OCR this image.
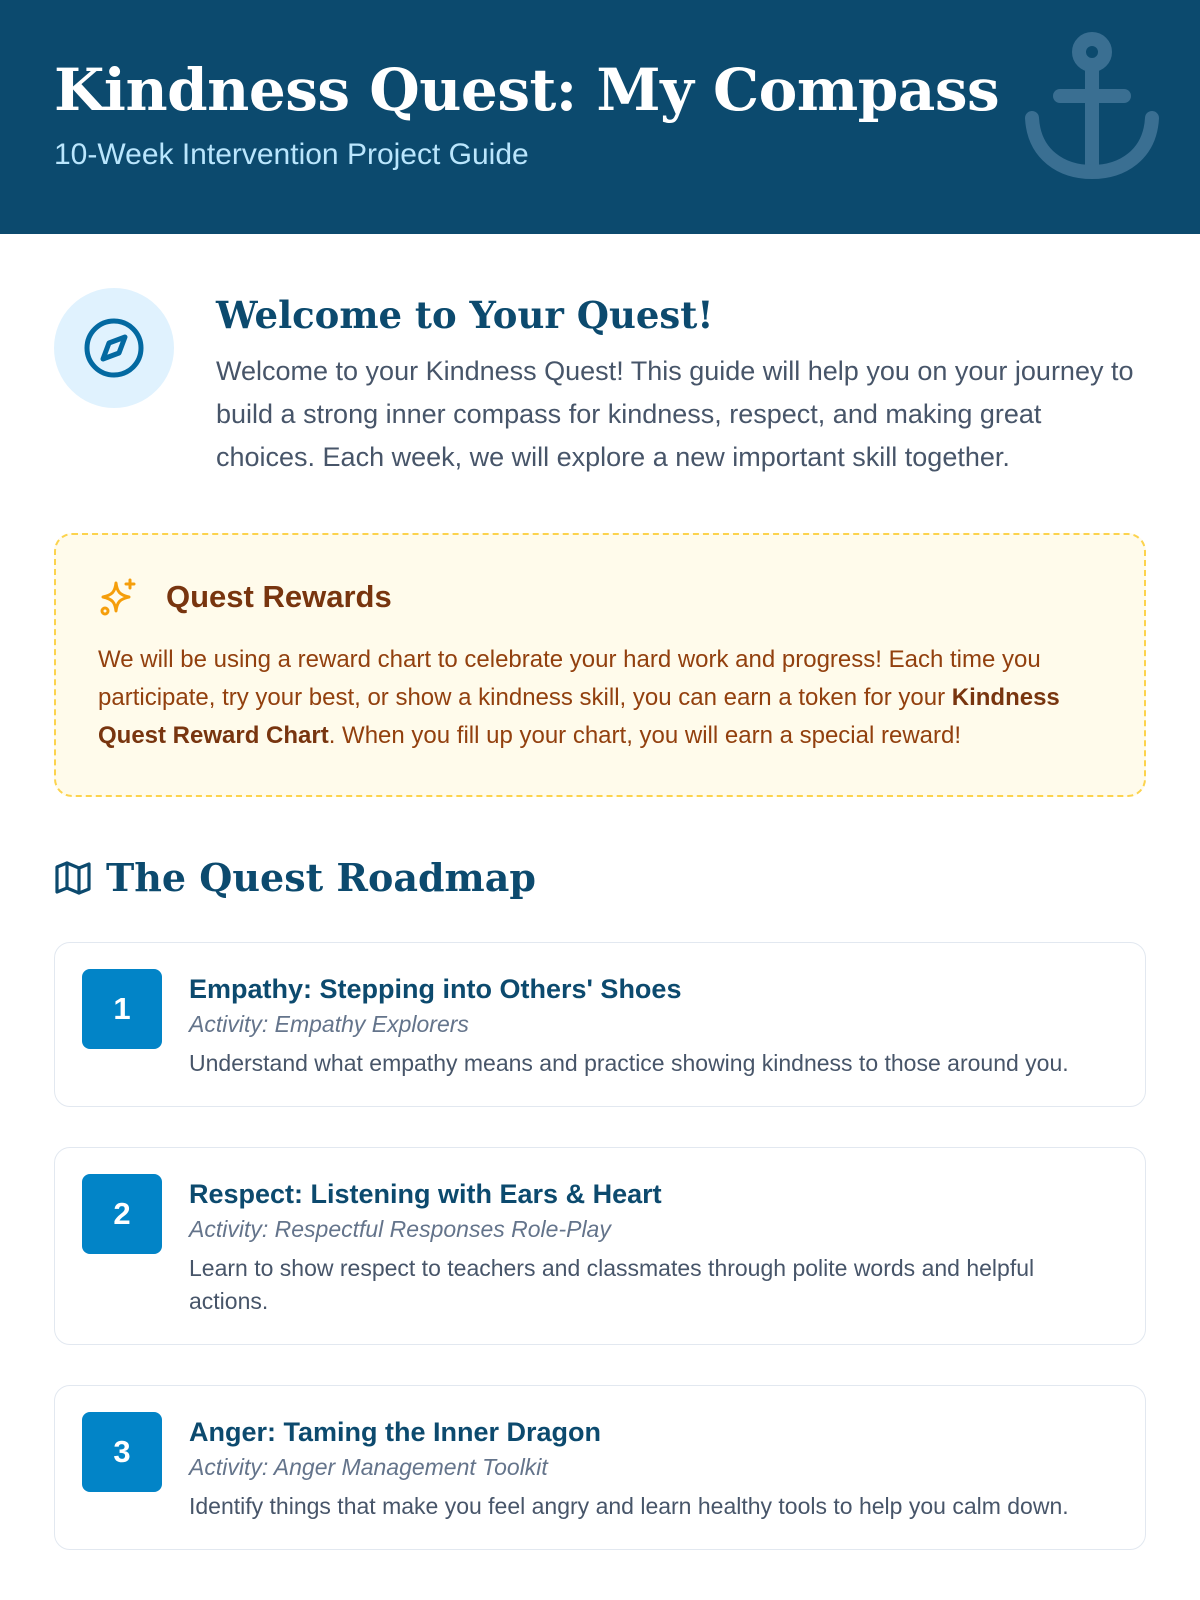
Kindness Quest: My Compass
10-Week Intervention Project Guide
Welcome to Your Quest!

Welcome to your Kindness Quest! This guide will help you on your journey to build a strong inner compass for kindness, respect, and making great choices. Each week, we will explore a new important skill together.

Quest Rewards

We will be using a reward chart to celebrate your hard work and progress! Each time you participate, try your best, or show a kindness skill, you can earn a token for your Kindness Quest Reward Chart. When you fill up your chart, you will earn a special reward!

The Quest Roadmap
1
Empathy: Stepping into Others' Shoes
Activity: Empathy Explorers
Understand what empathy means and practice showing kindness to those around you.
2
Respect: Listening with Ears & Heart
Activity: Respectful Responses Role-Play
Learn to show respect to teachers and classmates through polite words and helpful actions.
3
Anger: Taming the Inner Dragon
Activity: Anger Management Toolkit
Identify things that make you feel angry and learn healthy tools to help you calm down.
